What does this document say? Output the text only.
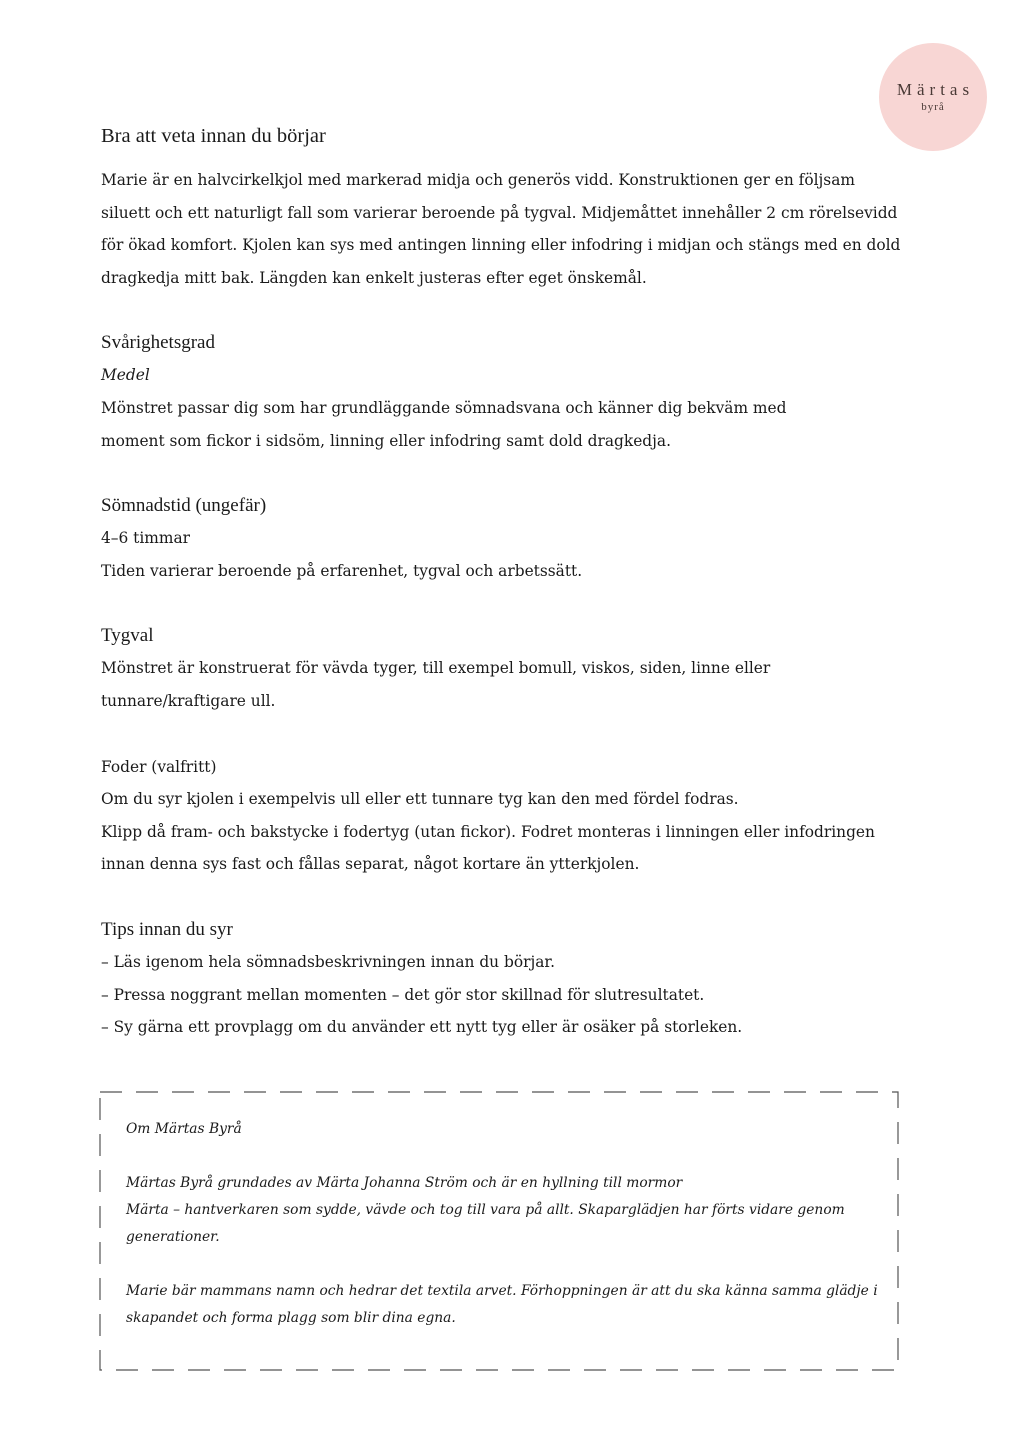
Märtas
byrå
Bra att veta innan du börjar

Marie är en halvcirkelkjol med markerad midja och generös vidd. Konstruktionen ger en följsam siluett och ett naturligt fall som varierar beroende på tygval. Midjemåttet innehåller 2 cm rörelsevidd för ökad komfort. Kjolen kan sys med antingen linning eller infodring i midjan och stängs med en dold dragkedja mitt bak. Längden kan enkelt justeras efter eget önskemål.

Svårighetsgrad

Medel

Mönstret passar dig som har grundläggande sömnadsvana och känner dig bekväm med

moment som fickor i sidsöm, linning eller infodring samt dold dragkedja.

Sömnadstid (ungefär)

4–6 timmar

Tiden varierar beroende på erfarenhet, tygval och arbetssätt.

Tygval

Mönstret är konstruerat för vävda tyger, till exempel bomull, viskos, siden, linne eller

tunnare/kraftigare ull.

Foder (valfritt)

Om du syr kjolen i exempelvis ull eller ett tunnare tyg kan den med fördel fodras.

Klipp då fram- och bakstycke i fodertyg (utan fickor). Fodret monteras i linningen eller infodringen

innan denna sys fast och fållas separat, något kortare än ytterkjolen.

Tips innan du syr
– Läs igenom hela sömnadsbeskrivningen innan du börjar.
– Pressa noggrant mellan momenten – det gör stor skillnad för slutresultatet.
– Sy gärna ett provplagg om du använder ett nytt tyg eller är osäker på storleken.

Om Märtas Byrå

Märtas Byrå grundades av Märta Johanna Ström och är en hyllning till mormor

Märta – hantverkaren som sydde, vävde och tog till vara på allt. Skaparglädjen har förts vidare genom

generationer.

Marie bär mammans namn och hedrar det textila arvet. Förhoppningen är att du ska känna samma glädje i

skapandet och forma plagg som blir dina egna.
